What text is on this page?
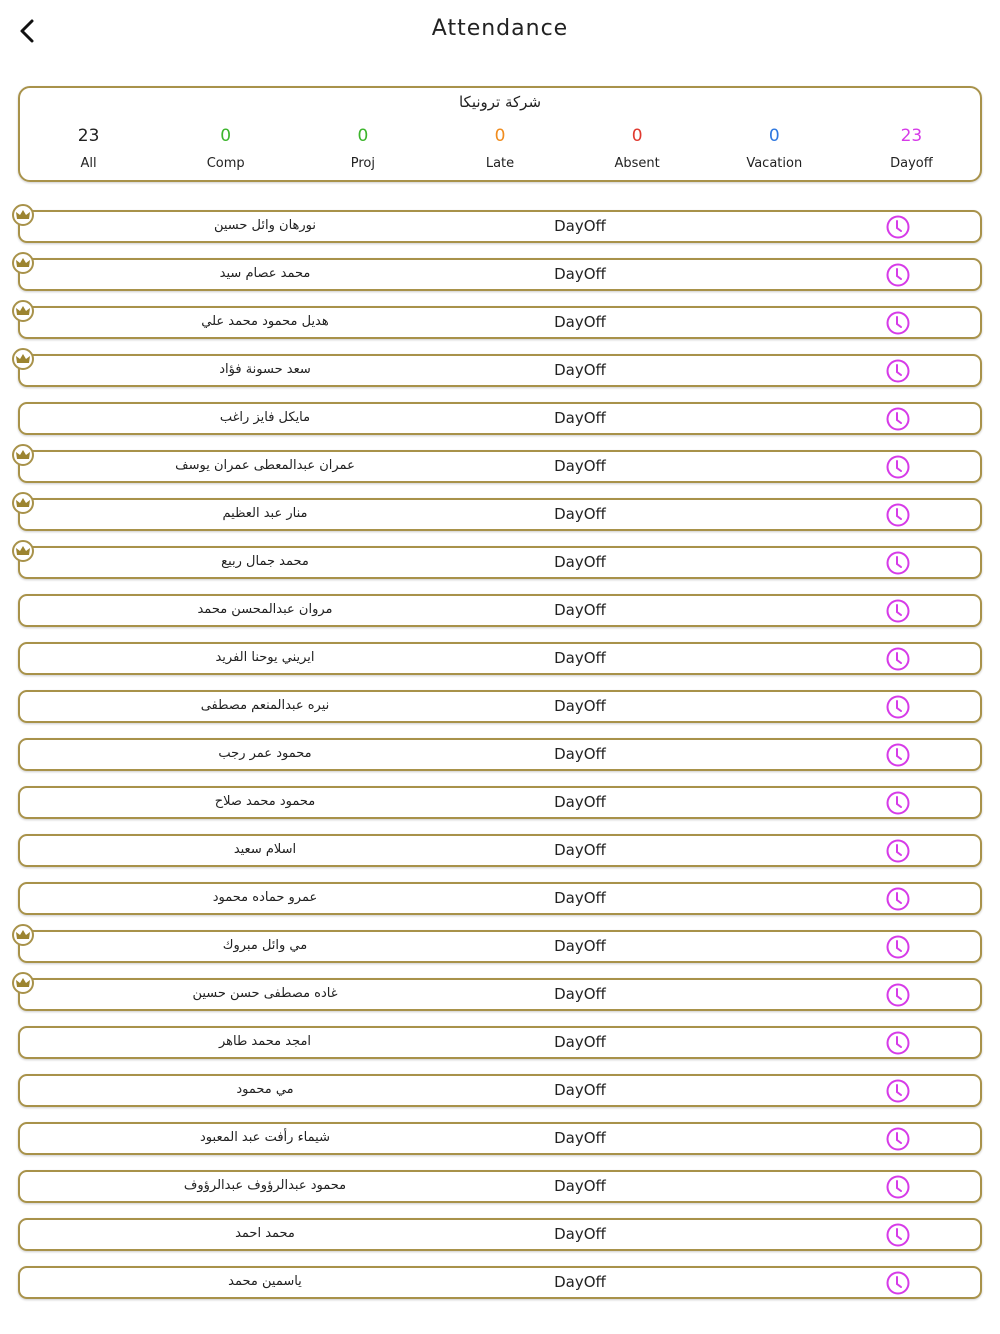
Attendance
شركة ترونيكا
23
All
0
Comp
0
Proj
0
Late
0
Absent
0
Vacation
23
Dayoff
نورهان وائل حسين	DayOff
محمد عصام سيد	DayOff
هديل محمود محمد علي	DayOff
سعد حسونة فؤاد	DayOff
مايكل فايز راغب	DayOff
عمران عبدالمعطى عمران يوسف	DayOff
منار عبد العظيم	DayOff
محمد جمال ربيع	DayOff
مروان عبدالمحسن محمد	DayOff
ايريني يوحنا الفريد	DayOff
نيره عبدالمنعم مصطفى	DayOff
محمود عمر رجب	DayOff
محمود محمد صلاح	DayOff
اسلام سعيد	DayOff
عمرو حماده محمود	DayOff
مي وائل مبروك	DayOff
غاده مصطفى حسن حسين	DayOff
امجد محمد طاهر	DayOff
مي محمود	DayOff
شيماء رأفت عبد المعبود	DayOff
محمود عبدالرؤوف عبدالرؤوف	DayOff
محمد احمد	DayOff
ياسمين محمد	DayOff
